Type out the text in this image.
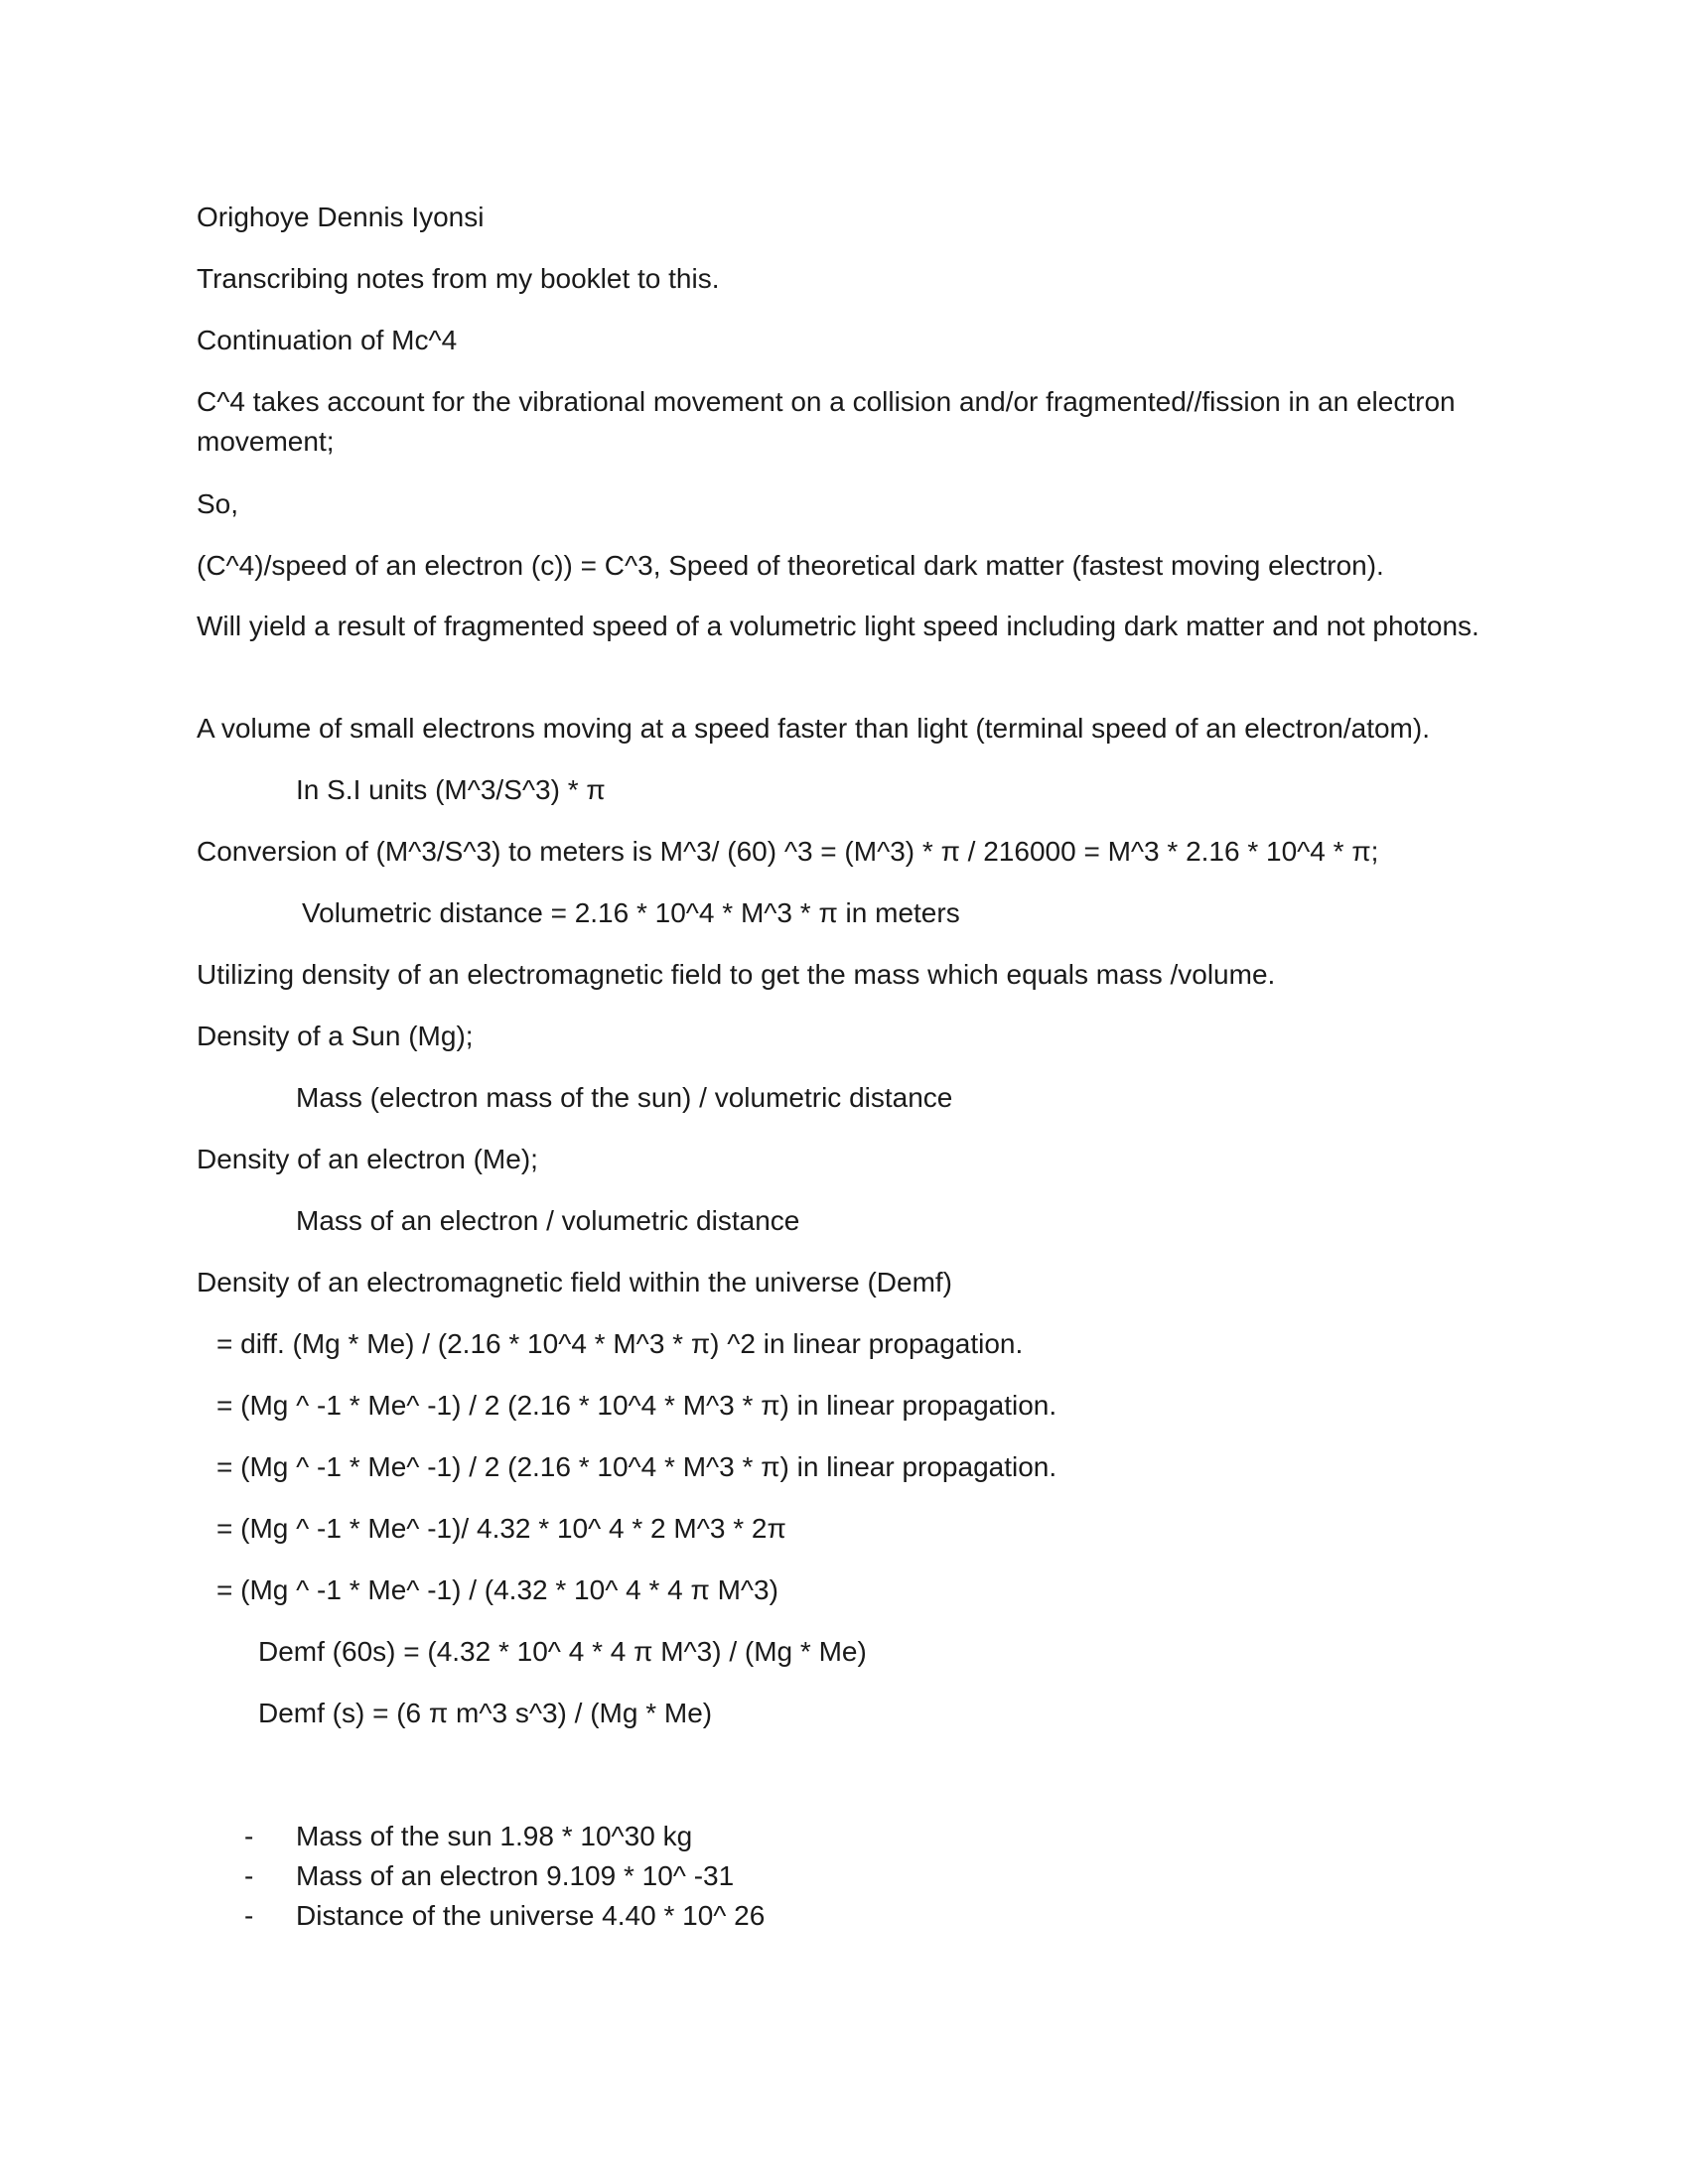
Orighoye Dennis Iyonsi
Transcribing notes from my booklet to this.
Continuation of Mc^4
C^4 takes account for the vibrational movement on a collision and/or fragmented//fission in an electron movement;
So,
(C^4)/speed of an electron (c)) = C^3, Speed of theoretical dark matter (fastest moving electron).
Will yield a result of fragmented speed of a volumetric light speed including dark matter and not photons.
A volume of small electrons moving at a speed faster than light (terminal speed of an electron/atom).
In S.I units (M^3/S^3) * π
Conversion of (M^3/S^3) to meters is M^3/ (60) ^3 = (M^3) * π / 216000 = M^3 * 2.16 * 10^4 * π;
Volumetric distance = 2.16 * 10^4 * M^3 * π in meters
Utilizing density of an electromagnetic field to get the mass which equals mass /volume.
Density of a Sun (Mg);
Mass (electron mass of the sun) / volumetric distance
Density of an electron (Me);
Mass of an electron / volumetric distance
Density of an electromagnetic field within the universe (Demf)
= diff. (Mg * Me) / (2.16 * 10^4 * M^3 * π) ^2 in linear propagation.
= (Mg ^ -1 * Me^ -1) / 2 (2.16 * 10^4 * M^3 * π) in linear propagation.
= (Mg ^ -1 * Me^ -1) / 2 (2.16 * 10^4 * M^3 * π) in linear propagation.
= (Mg ^ -1 * Me^ -1)/ 4.32 * 10^ 4 * 2 M^3 * 2π
= (Mg ^ -1 * Me^ -1) / (4.32 * 10^ 4 * 4 π M^3)
Demf (60s) = (4.32 * 10^ 4 * 4 π M^3) / (Mg * Me)
Demf (s) = (6 π m^3 s^3) / (Mg * Me)
- Mass of the sun 1.98 * 10^30 kg
- Mass of an electron 9.109 * 10^ -31
- Distance of the universe 4.40 * 10^ 26
